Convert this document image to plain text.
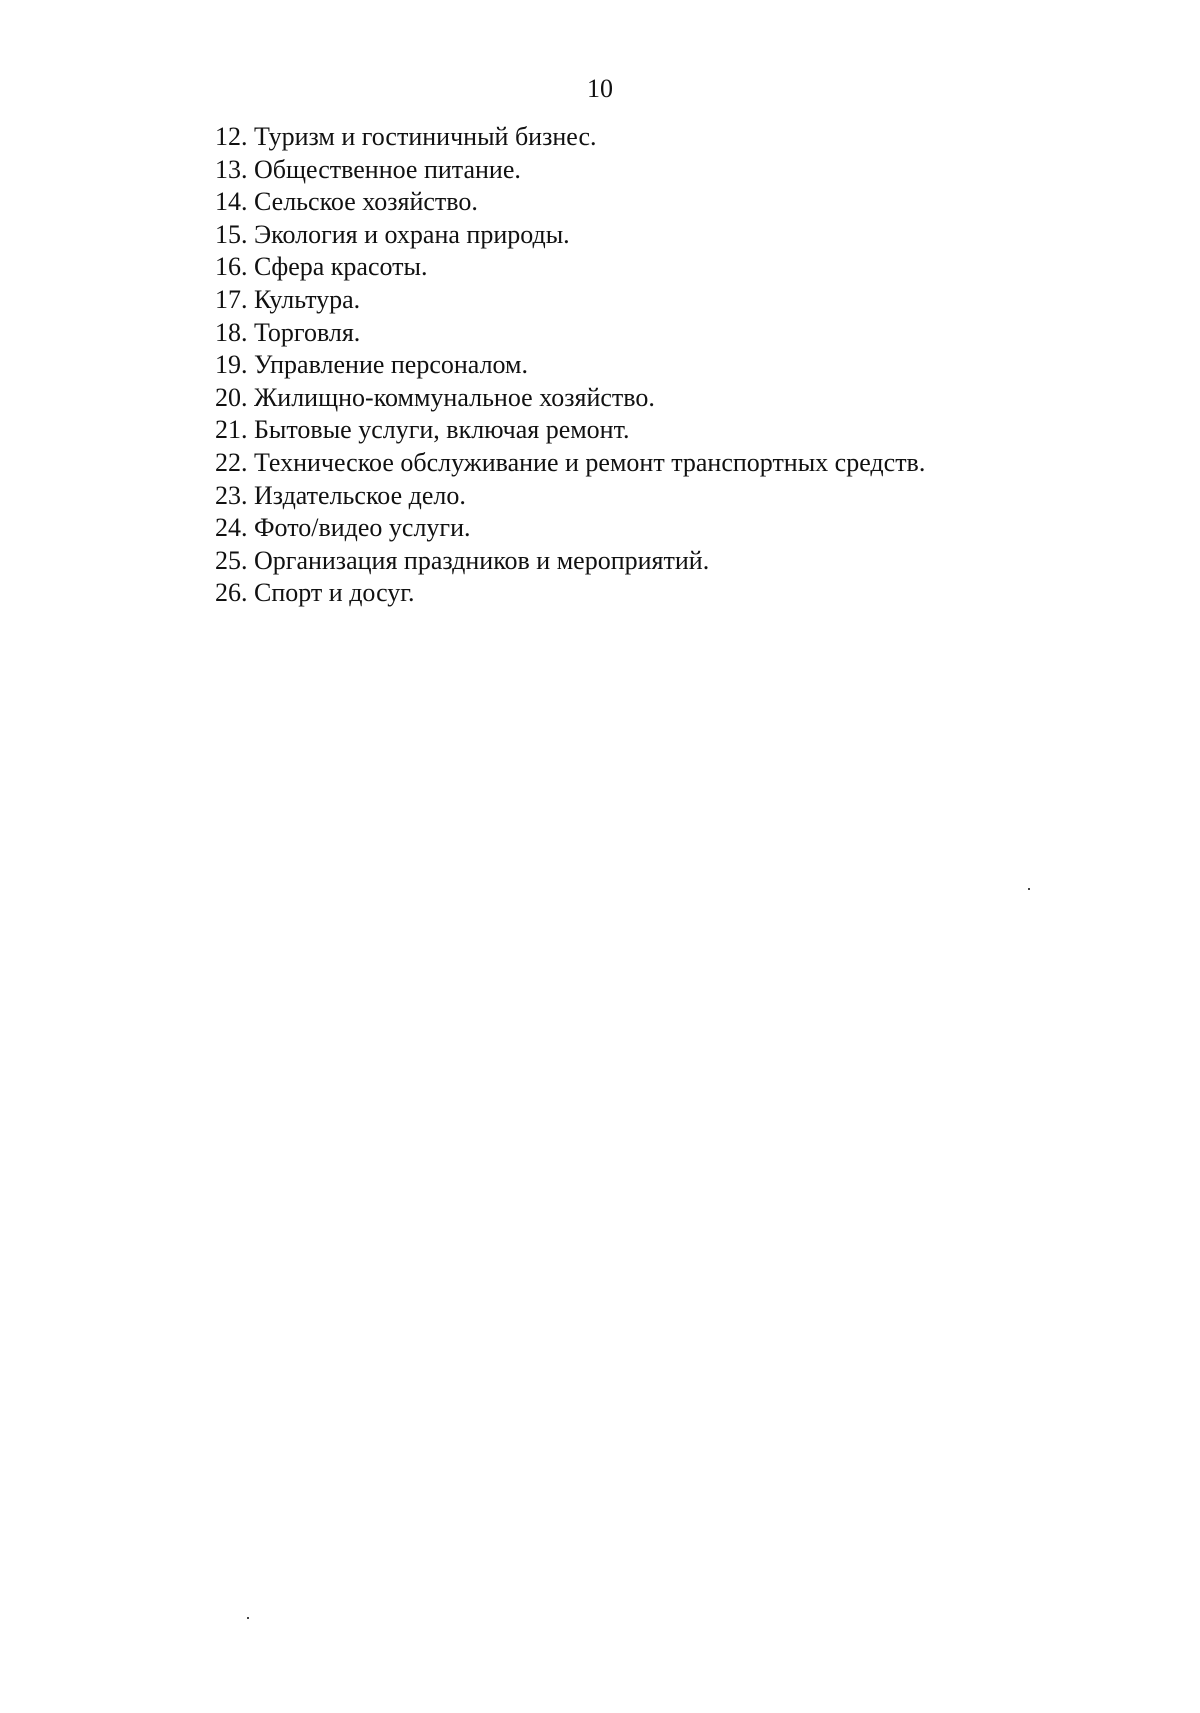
10
12. Туризм и гостиничный бизнес.
13. Общественное питание.
14. Сельское хозяйство.
15. Экология и охрана природы.
16. Сфера красоты.
17. Культура.
18. Торговля.
19. Управление персоналом.
20. Жилищно-коммунальное хозяйство.
21. Бытовые услуги, включая ремонт.
22. Техническое обслуживание и ремонт транспортных средств.
23. Издательское дело.
24. Фото/видео услуги.
25. Организация праздников и мероприятий.
26. Спорт и досуг.
